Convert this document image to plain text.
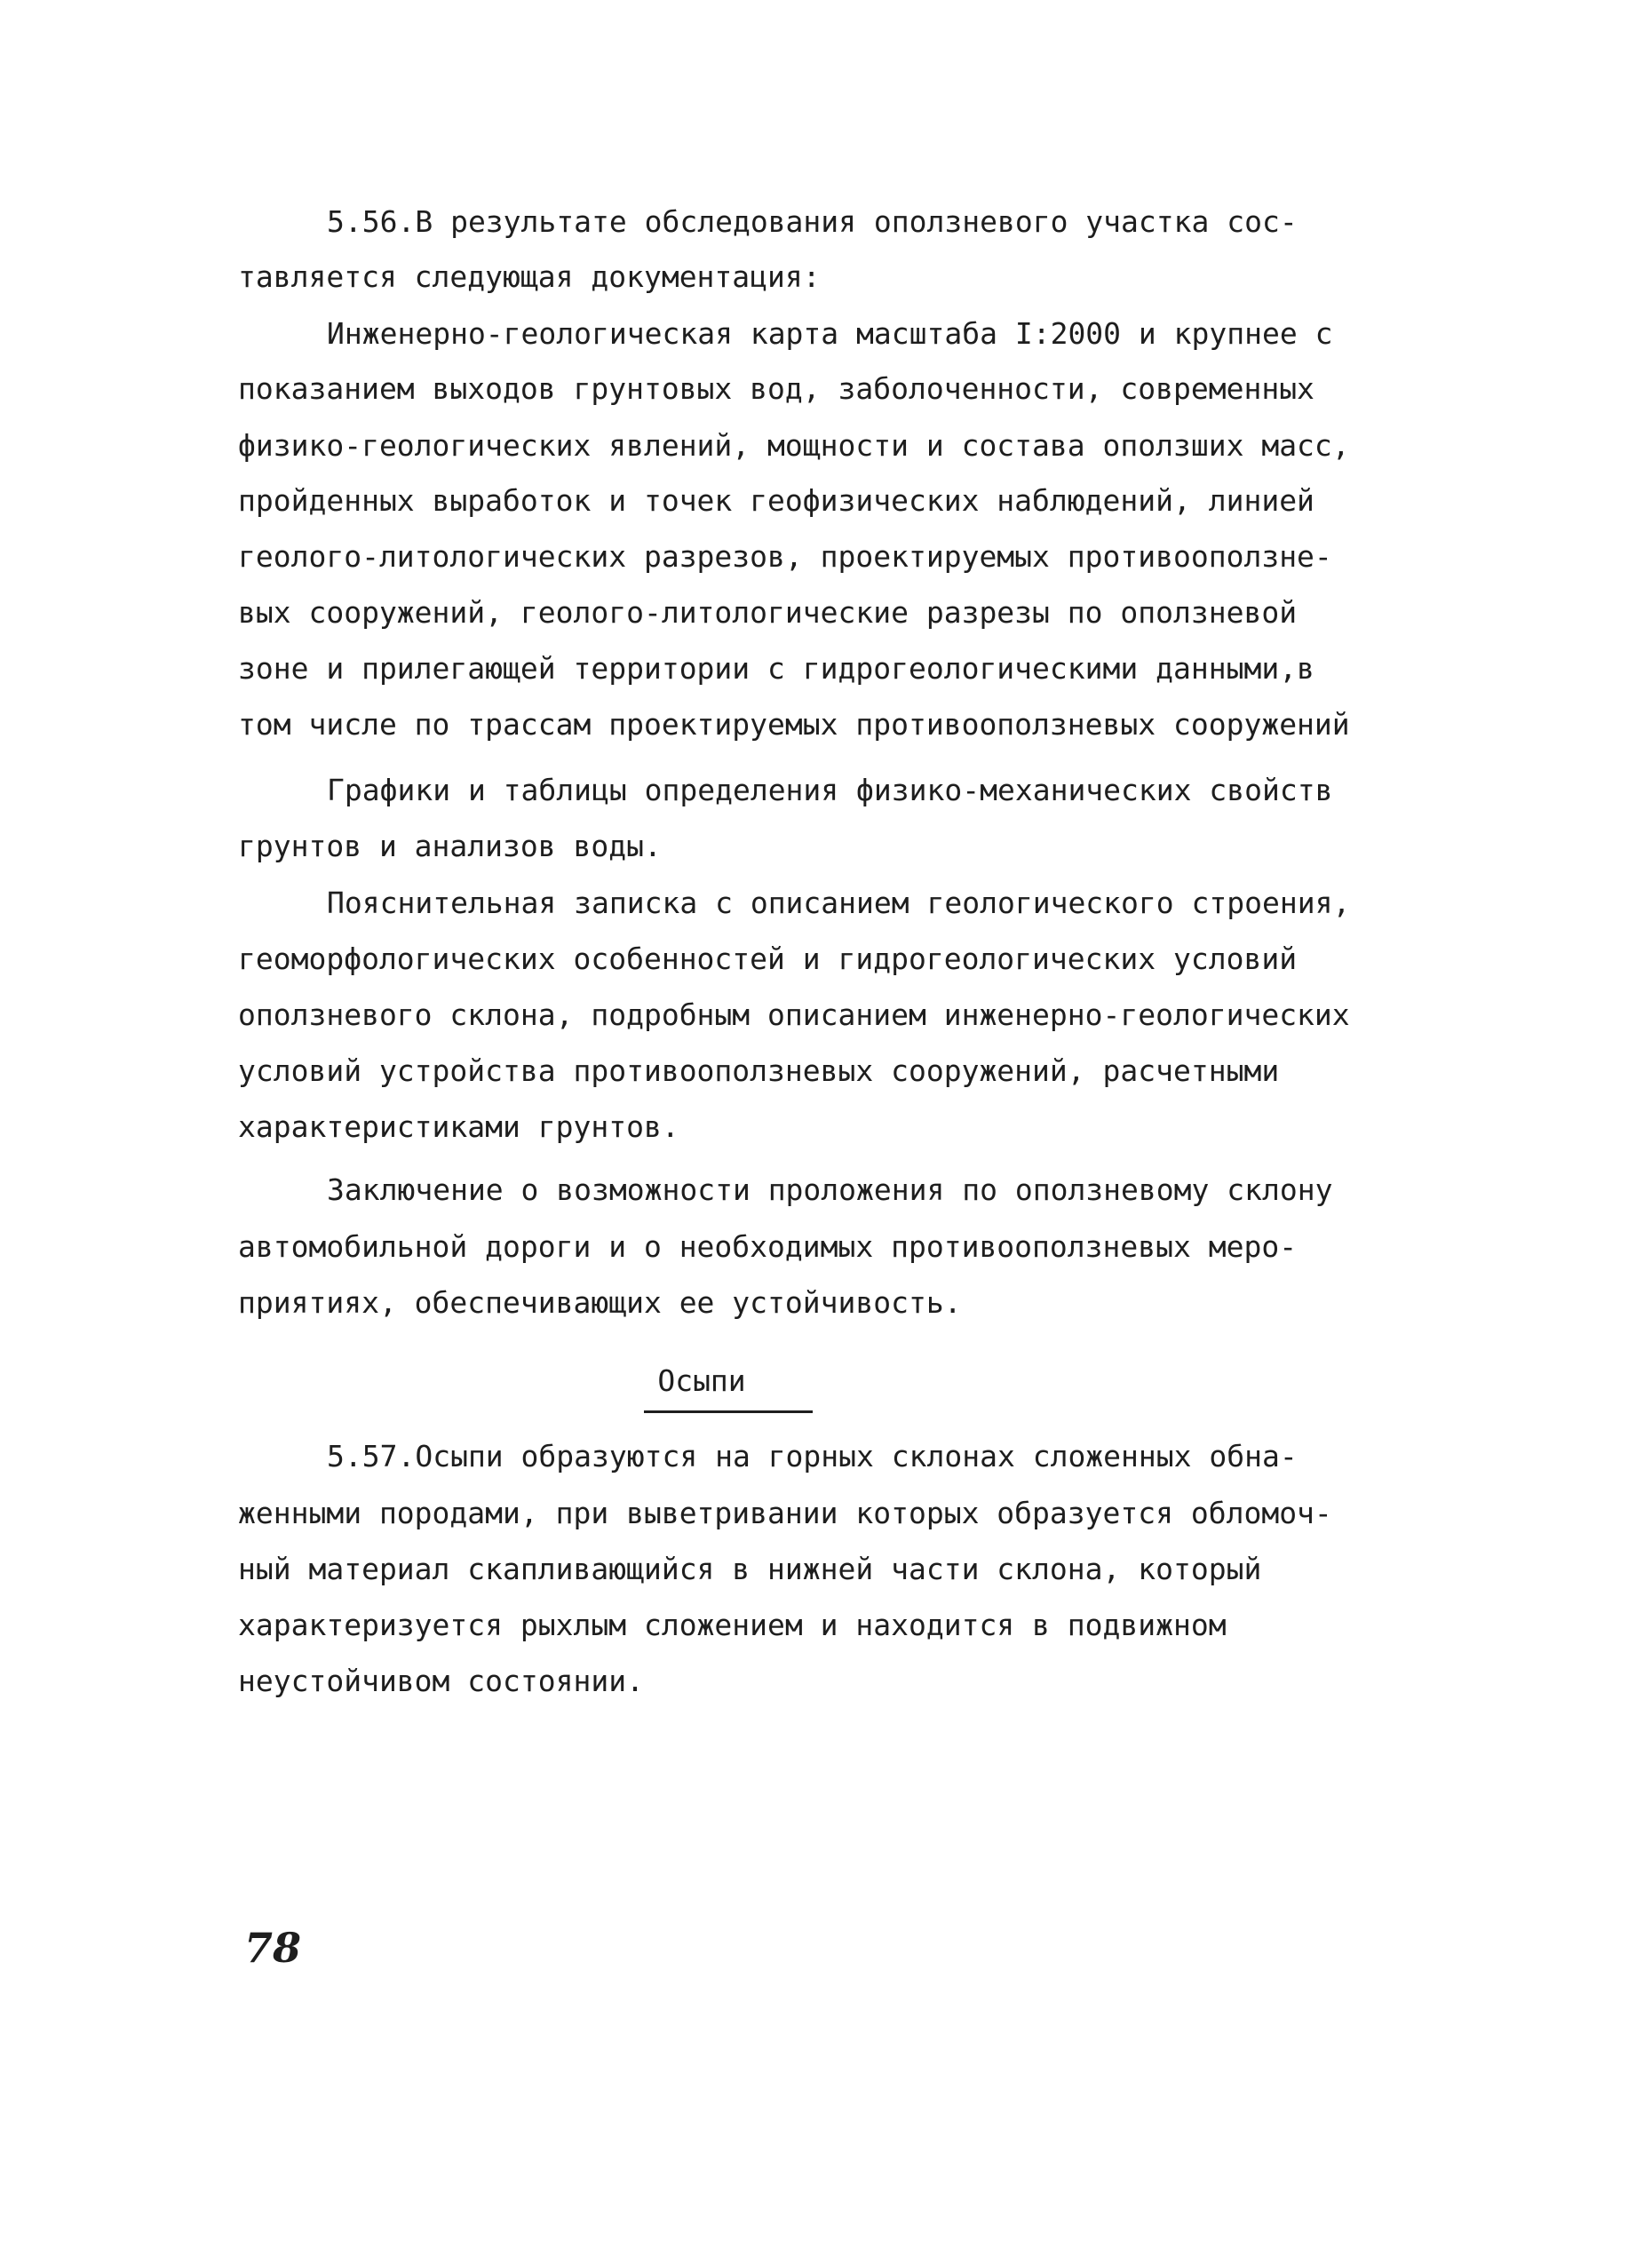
5.56.В результате обследования оползневого участка сос-
тавляется следующая документация:
Инженерно-геологическая карта масштаба I:2000 и крупнее с
показанием выходов грунтовых вод, заболоченности, современных
физико-геологических явлений, мощности и состава оползших масс,
пройденных выработок и точек геофизических наблюдений, линией
геолого-литологических разрезов, проектируемых противооползне-
вых сооружений, геолого-литологические разрезы по оползневой
зоне и прилегающей территории с гидрогеологическими данными,в
том числе по трассам проектируемых противооползневых сооружений
Графики и таблицы определения физико-механических свойств
грунтов и анализов воды.
Пояснительная записка с описанием геологического строения,
геоморфологических особенностей и гидрогеологических условий
оползневого склона, подробным описанием инженерно-геологических
условий устройства противооползневых сооружений, расчетными
характеристиками грунтов.
Заключение о возможности проложения по оползневому склону
автомобильной дороги и о необходимых противооползневых меро-
приятиях, обеспечивающих ее устойчивость.
Осыпи
5.57.Осыпи образуются на горных склонах сложенных обна-
женными породами, при выветривании которых образуется обломоч-
ный материал скапливающийся в нижней части склона, который
характеризуется рыхлым сложением и находится в подвижном
неустойчивом состоянии.
78
